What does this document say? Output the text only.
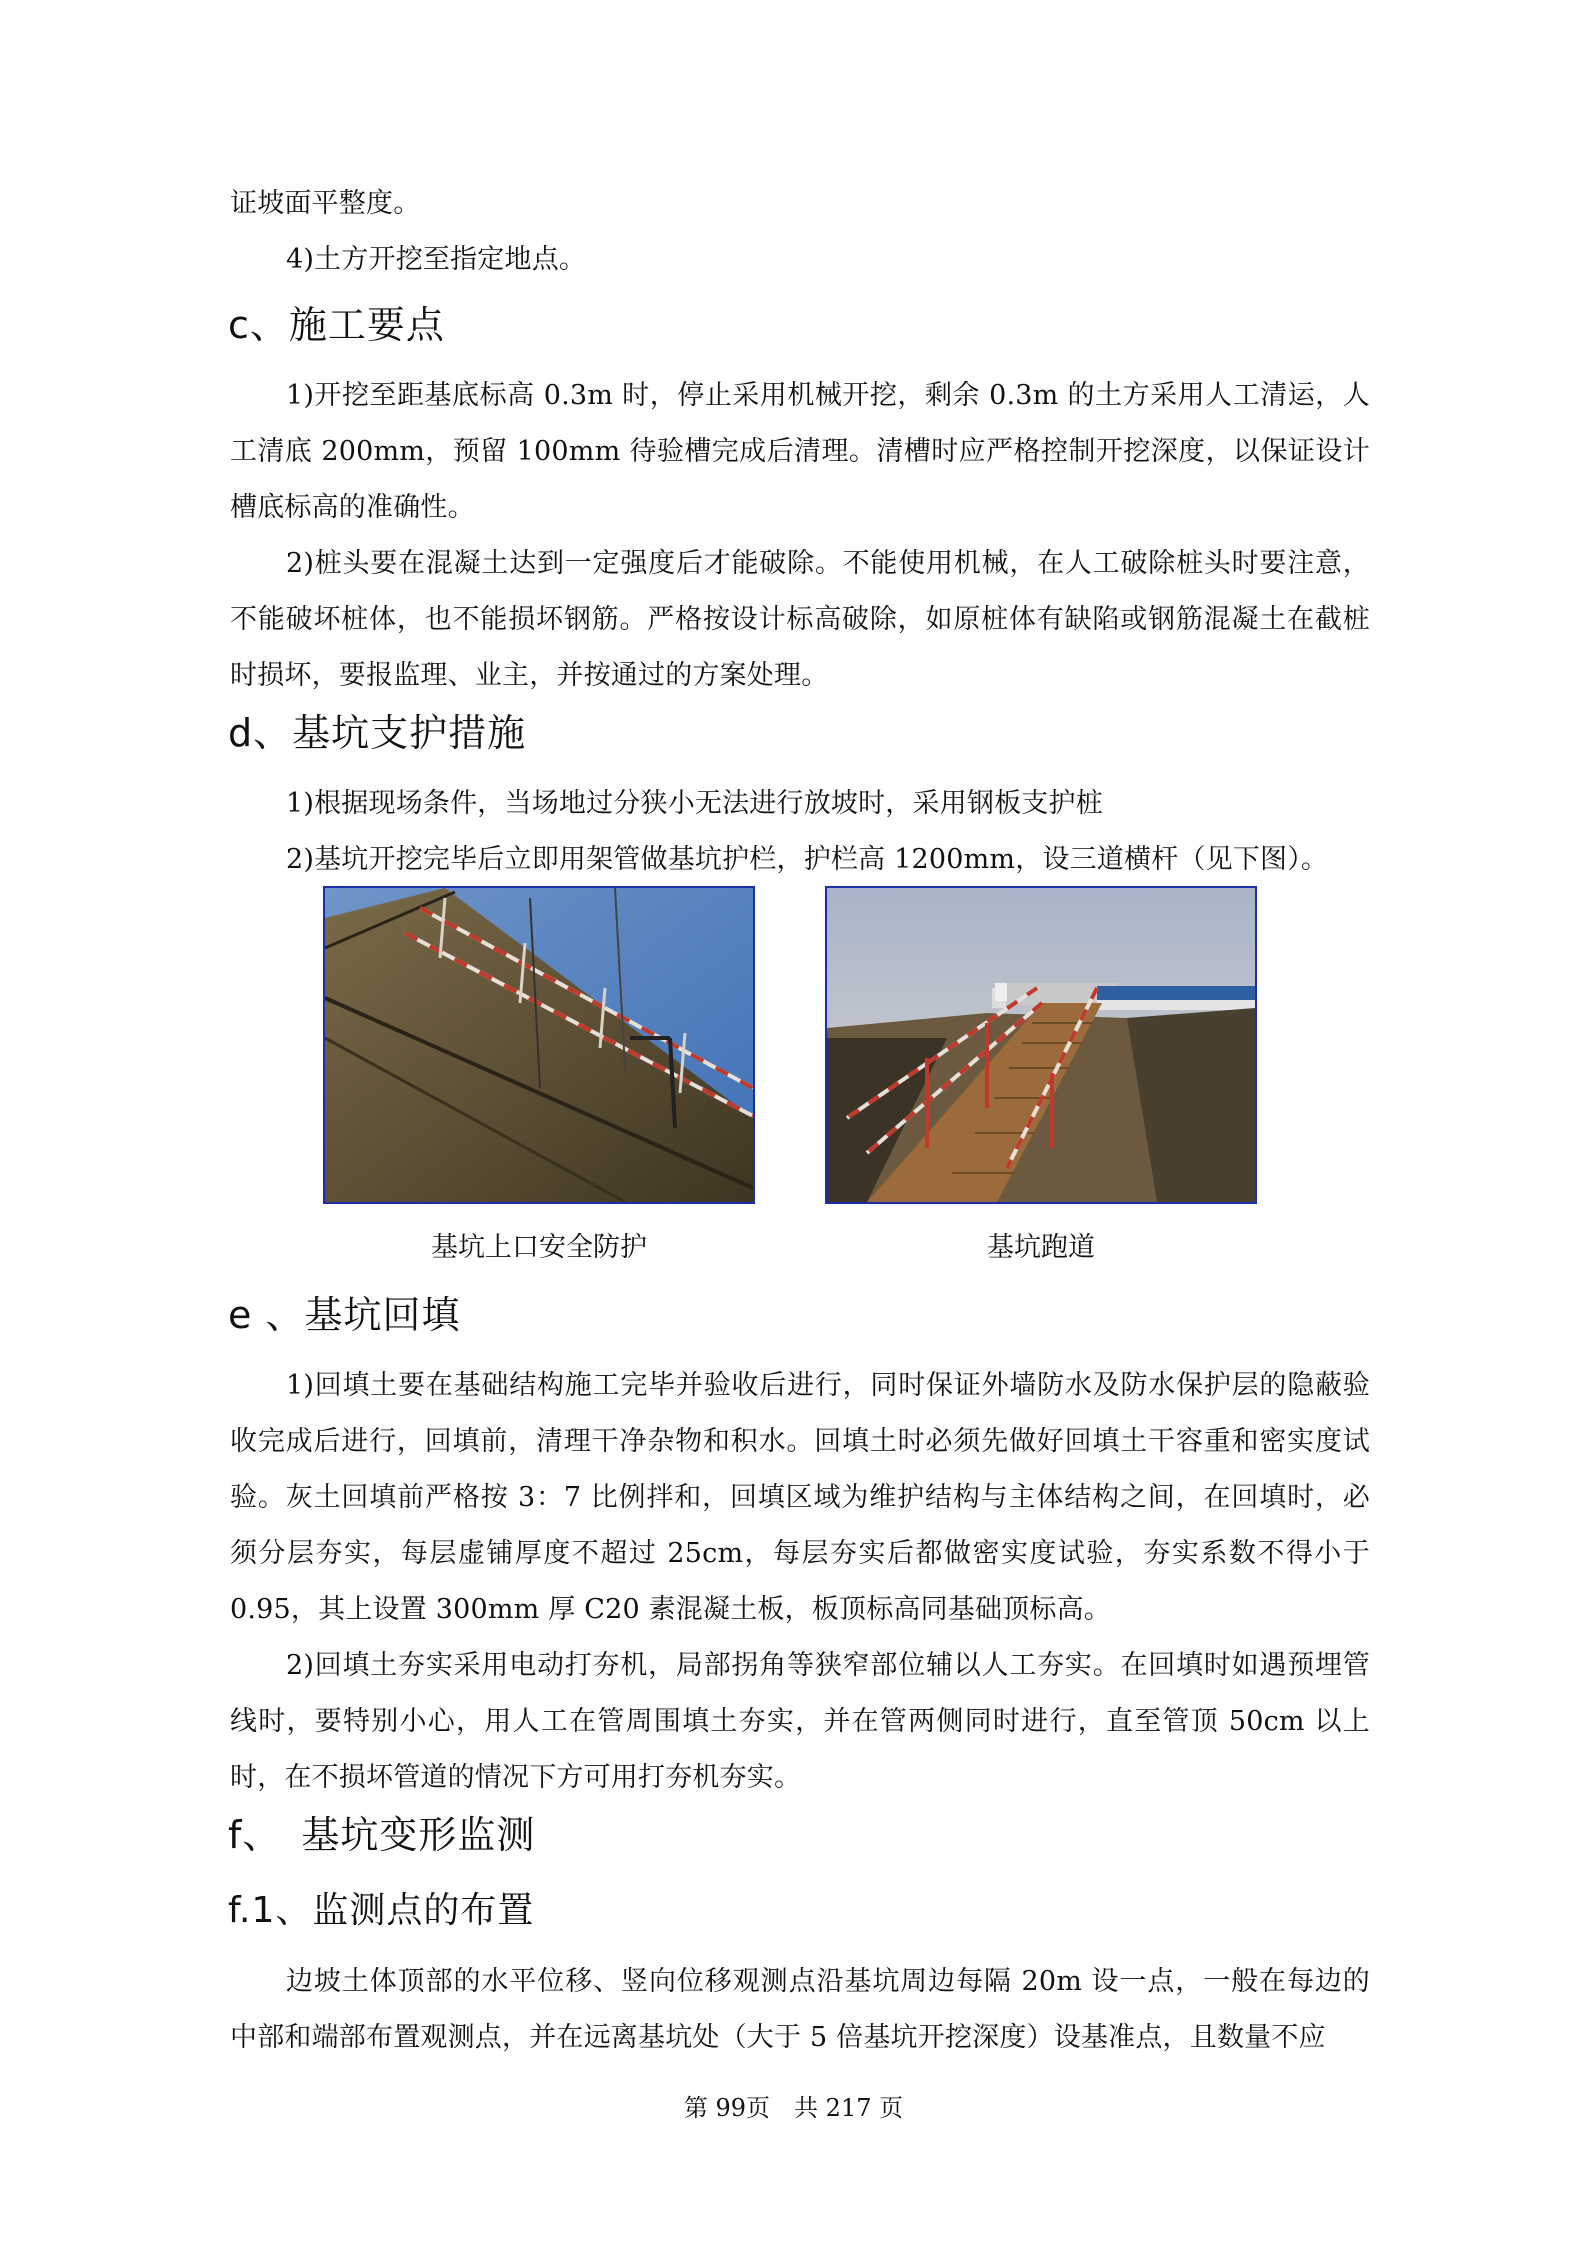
证坡面平整度。
4)土方开挖至指定地点。
c、施工要点
1)开挖至距基底标高 0.3m 时，停止采用机械开挖，剩余 0.3m 的土方采用人工清运，人工清底 200mm，预留 100mm 待验槽完成后清理。清槽时应严格控制开挖深度，以保证设计槽底标高的准确性。
2)桩头要在混凝土达到一定强度后才能破除。不能使用机械，在人工破除桩头时要注意，不能破坏桩体，也不能损坏钢筋。严格按设计标高破除，如原桩体有缺陷或钢筋混凝土在截桩时损坏，要报监理、业主，并按通过的方案处理。
d、基坑支护措施
1)根据现场条件，当场地过分狭小无法进行放坡时，采用钢板支护桩
2)基坑开挖完毕后立即用架管做基坑护栏，护栏高 1200mm，设三道横杆（见下图）。
基坑上口安全防护	基坑跑道
e 、基坑回填
1)回填土要在基础结构施工完毕并验收后进行，同时保证外墙防水及防水保护层的隐蔽验收完成后进行，回填前，清理干净杂物和积水。回填土时必须先做好回填土干容重和密实度试验。灰土回填前严格按 3：7 比例拌和，回填区域为维护结构与主体结构之间，在回填时，必须分层夯实，每层虚铺厚度不超过 25cm，每层夯实后都做密实度试验，夯实系数不得小于 0.95，其上设置 300mm 厚 C20 素混凝土板，板顶标高同基础顶标高。
2)回填土夯实采用电动打夯机，局部拐角等狭窄部位辅以人工夯实。在回填时如遇预埋管线时，要特别小心，用人工在管周围填土夯实，并在管两侧同时进行，直至管顶 50cm 以上时，在不损坏管道的情况下方可用打夯机夯实。
f、　基坑变形监测
f.1、监测点的布置
边坡土体顶部的水平位移、竖向位移观测点沿基坑周边每隔 20m 设一点，一般在每边的中部和端部布置观测点，并在远离基坑处（大于 5 倍基坑开挖深度）设基准点，且数量不应
第 99页　共 217 页
